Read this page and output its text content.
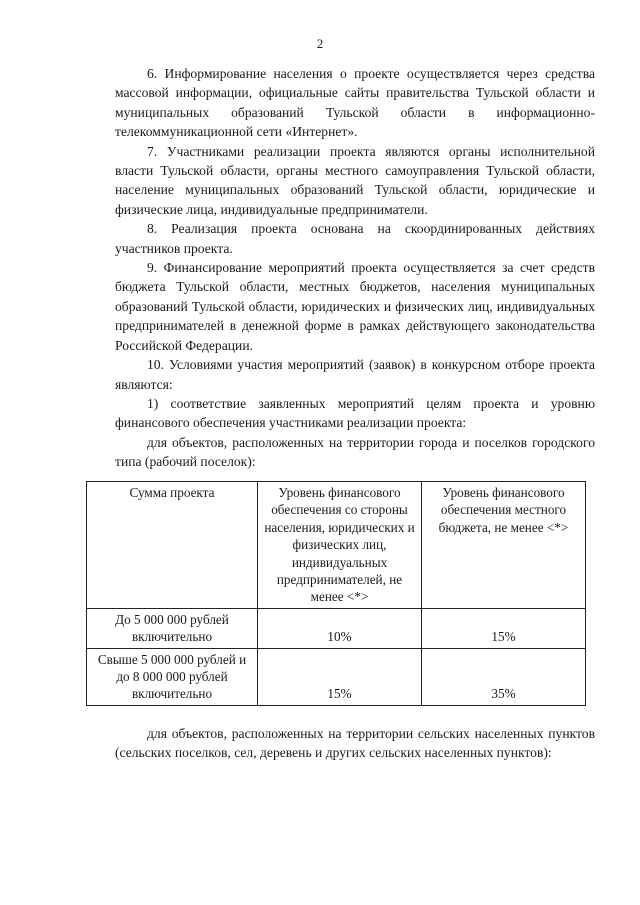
2

6. Информирование населения о проекте осуществляется через средства массовой информации, официальные сайты правительства Тульской области и муниципальных образований Тульской области в информационно-телекоммуникационной сети «Интернет».

7. Участниками реализации проекта являются органы исполнительной власти Тульской области, органы местного самоуправления Тульской области, население муниципальных образований Тульской области, юридические и физические лица, индивидуальные предприниматели.

8. Реализация проекта основана на скоординированных действиях участников проекта.

9. Финансирование мероприятий проекта осуществляется за счет средств бюджета Тульской области, местных бюджетов, населения муниципальных образований Тульской области, юридических и физических лиц, индивидуальных предпринимателей в денежной форме в рамках действующего законодательства Российской Федерации.

10. Условиями участия мероприятий (заявок) в конкурсном отборе проекта являются:

1) соответствие заявленных мероприятий целям проекта и уровню финансового обеспечения участниками реализации проекта:

для объектов, расположенных на территории города и поселков городского типа (рабочий поселок):

Сумма проекта	Уровень финансового обеспечения со стороны населения, юридических и физических лиц, индивидуальных предпринимателей, не менее <*>	Уровень финансового обеспечения местного бюджета, не менее <*>
До 5 000 000 рублей включительно	10%	15%
Свыше 5 000 000 рублей и до 8 000 000 рублей включительно	15%	35%

для объектов, расположенных на территории сельских населенных пунктов (сельских поселков, сел, деревень и других сельских населенных пунктов):
